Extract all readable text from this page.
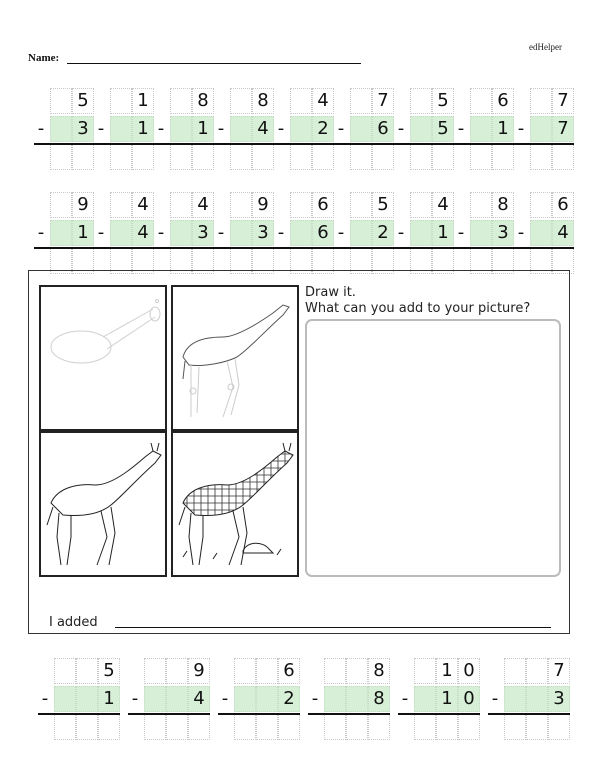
edHelper
Name:
5
- 3
1
- 1
8
- 1
8
- 4
4
- 2
7
- 6
5
- 5
6
- 1
7
- 7
9
- 1
4
- 4
4
- 3
9
- 3
6
- 6
5
- 2
4
- 1
8
- 3
6
- 4
Draw it.
What can you add to your picture?
I added
5
-	1
9
-	4
6
-	2
8
-	8
1 0
- 1 0
7
-	3
